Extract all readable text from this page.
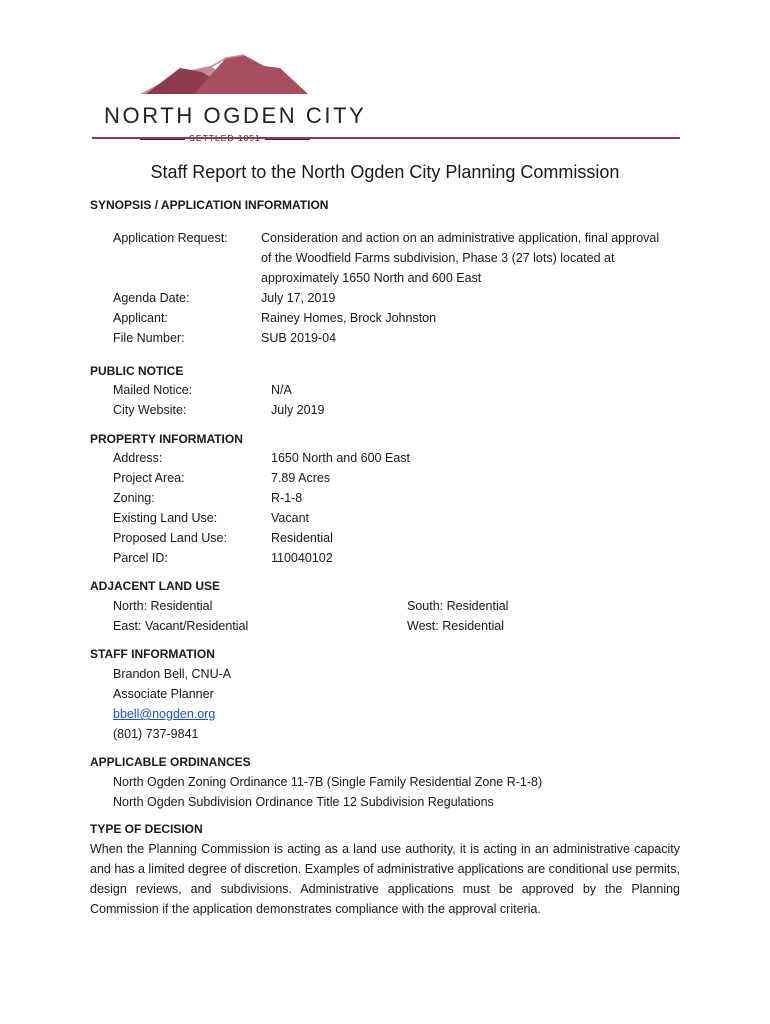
NORTH OGDEN CITY
Staff Report to the North Ogden City Planning Commission
SYNOPSIS / APPLICATION INFORMATION
Application Request:	Consideration and action on an administrative application, final approval
of the Woodfield Farms subdivision, Phase 3 (27 lots) located at
approximately 1650 North and 600 East
Agenda Date:	July 17, 2019
Applicant:	Rainey Homes, Brock Johnston
File Number:	SUB 2019-04
PUBLIC NOTICE
Mailed Notice:	N/A
City Website:	July 2019
PROPERTY INFORMATION
Address:	1650 North and 600 East
Project Area:	7.89 Acres
Zoning:	R-1-8
Existing Land Use:	Vacant
Proposed Land Use:	Residential
Parcel ID:	110040102
ADJACENT LAND USE
North: Residential	South: Residential
East: Vacant/Residential	West: Residential
STAFF INFORMATION
Brandon Bell, CNU-A
Associate Planner
bbell@nogden.org
(801) 737-9841
APPLICABLE ORDINANCES
North Ogden Zoning Ordinance 11-7B (Single Family Residential Zone R-1-8)
North Ogden Subdivision Ordinance Title 12 Subdivision Regulations
TYPE OF DECISION
When the Planning Commission is acting as a land use authority, it is acting in an administrative capacity and has a limited degree of discretion. Examples of administrative applications are conditional use permits, design reviews, and subdivisions. Administrative applications must be approved by the Planning Commission if the application demonstrates compliance with the approval criteria.
